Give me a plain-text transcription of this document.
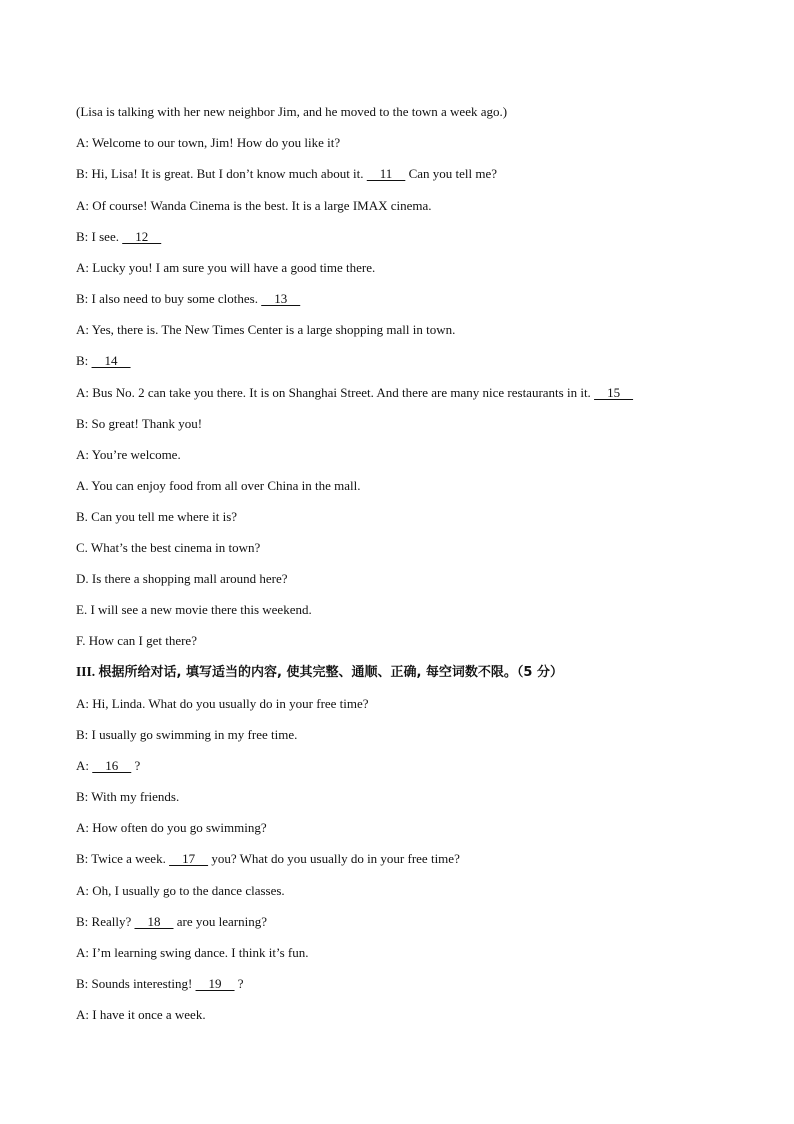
(Lisa is talking with her new neighbor Jim, and he moved to the town a week ago.)
A: Welcome to our town, Jim! How do you like it?
B: Hi, Lisa! It is great. But I don’t know much about it.     11     Can you tell me?
A: Of course! Wanda Cinema is the best. It is a large IMAX cinema.
B: I see.     12
A: Lucky you! I am sure you will have a good time there.
B: I also need to buy some clothes.     13
A: Yes, there is. The New Times Center is a large shopping mall in town.
B:     14
A: Bus No. 2 can take you there. It is on Shanghai Street. And there are many nice restaurants in it.     15
B: So great! Thank you!
A: You’re welcome.
A. You can enjoy food from all over China in the mall.
B. Can you tell me where it is?
C. What’s the best cinema in town?
D. Is there a shopping mall around here?
E. I will see a new movie there this weekend.
F. How can I get there?
III. 根据所给对话, 填写适当的内容, 使其完整、通顺、正确, 每空词数不限。（5 分）
A: Hi, Linda. What do you usually do in your free time?
B: I usually go swimming in my free time.
A:     16     ?
B: With my friends.
A: How often do you go swimming?
B: Twice a week.     17     you? What do you usually do in your free time?
A: Oh, I usually go to the dance classes.
B: Really?     18     are you learning?
A: I’m learning swing dance. I think it’s fun.
B: Sounds interesting!     19     ?
A: I have it once a week.
